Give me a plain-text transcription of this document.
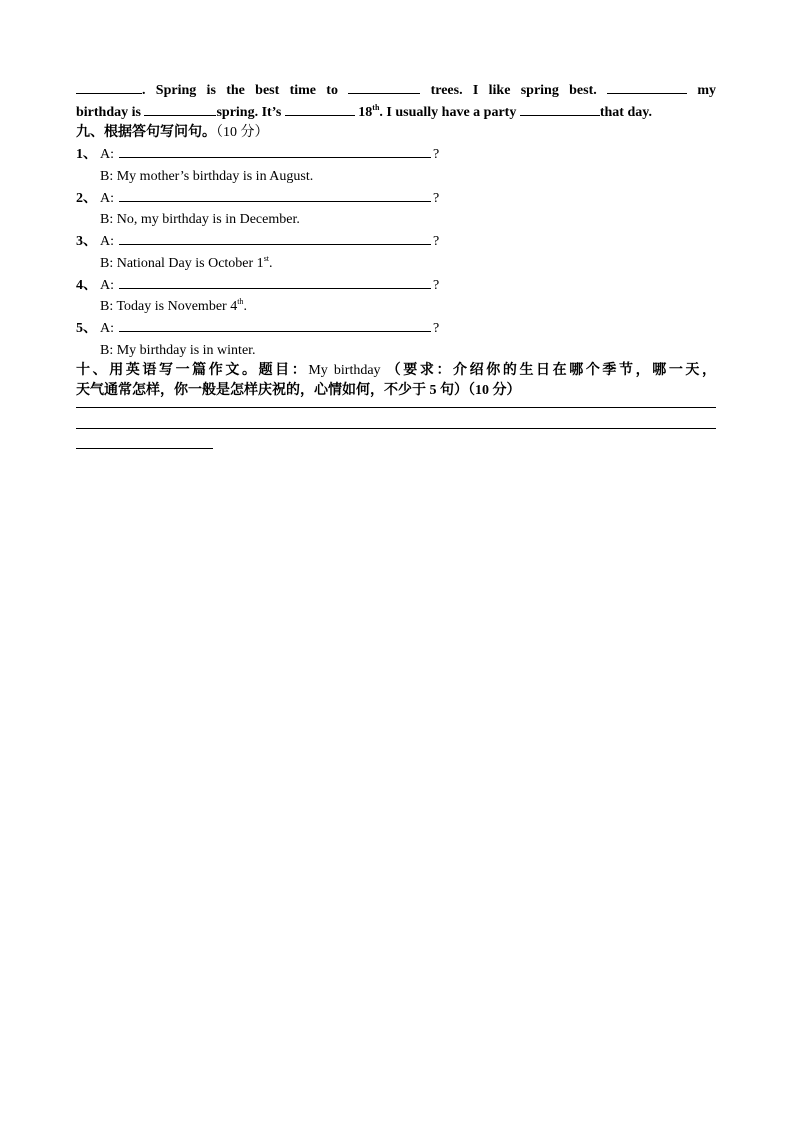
. Spring is the best time to	trees. I like spring best.	my
birthday is	spring. It’s	18th. I usually have a party	that day.
九、根据答句写问句。（10 分）
1、 A:	?
B: My mother’s birthday is in August.
2、 A:	?
B: No, my birthday is in December.
3、 A:	?
B: National Day is October 1st.
4、 A:	?
B: Today is November 4th.
5、 A:	?
B: My birthday is in winter.
十、用英语写一篇作文。题目：My birthday （要求：介绍你的生日在哪个季节，哪一天，
天气通常怎样，你一般是怎样庆祝的，心情如何，不少于 5 句）（10 分）
